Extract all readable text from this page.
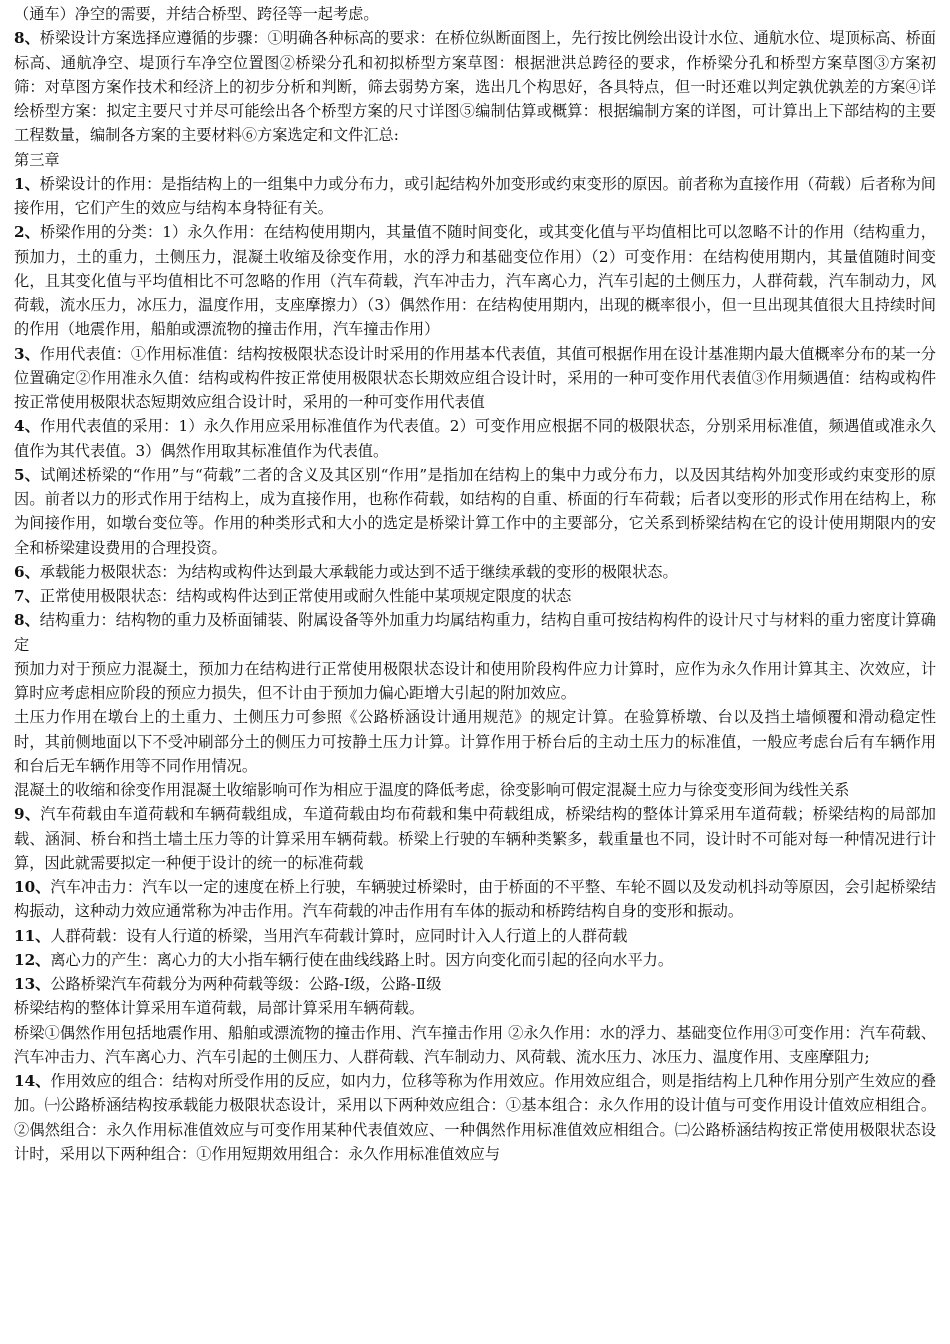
（通车）净空的需要，并结合桥型、跨径等一起考虑。

8、桥梁设计方案选择应遵循的步骤：①明确各种标高的要求：在桥位纵断面图上，先行按比例绘出设计水位、通航水位、堤顶标高、桥面标高、通航净空、堤顶行车净空位置图②桥梁分孔和初拟桥型方案草图：根据泄洪总跨径的要求，作桥梁分孔和桥型方案草图③方案初筛：对草图方案作技术和经济上的初步分析和判断，筛去弱势方案，选出几个构思好，各具特点，但一时还难以判定孰优孰差的方案④详绘桥型方案：拟定主要尺寸并尽可能绘出各个桥型方案的尺寸详图⑤编制估算或概算：根据编制方案的详图，可计算出上下部结构的主要工程数量，编制各方案的主要材料⑥方案选定和文件汇总:

第三章

1、桥梁设计的作用：是指结构上的一组集中力或分布力，或引起结构外加变形或约束变形的原因。前者称为直接作用（荷载）后者称为间接作用，它们产生的效应与结构本身特征有关。

2、桥梁作用的分类：1）永久作用：在结构使用期内，其量值不随时间变化，或其变化值与平均值相比可以忽略不计的作用（结构重力，预加力，土的重力，土侧压力，混凝土收缩及徐变作用，水的浮力和基础变位作用）（2）可变作用：在结构使用期内，其量值随时间变化，且其变化值与平均值相比不可忽略的作用（汽车荷载，汽车冲击力，汽车离心力，汽车引起的土侧压力，人群荷载，汽车制动力，风荷载，流水压力，冰压力，温度作用，支座摩擦力）（3）偶然作用：在结构使用期内，出现的概率很小，但一旦出现其值很大且持续时间的作用（地震作用，船舶或漂流物的撞击作用，汽车撞击作用）

3、作用代表值：①作用标准值：结构按极限状态设计时采用的作用基本代表值，其值可根据作用在设计基准期内最大值概率分布的某一分位置确定②作用准永久值：结构或构件按正常使用极限状态长期效应组合设计时，采用的一种可变作用代表值③作用频遇值：结构或构件按正常使用极限状态短期效应组合设计时，采用的一种可变作用代表值

4、作用代表值的采用：1）永久作用应采用标准值作为代表值。2）可变作用应根据不同的极限状态，分别采用标准值，频遇值或准永久值作为其代表值。3）偶然作用取其标准值作为代表值。

5、试阐述桥梁的“作用”与“荷载”二者的含义及其区别“作用”是指加在结构上的集中力或分布力，以及因其结构外加变形或约束变形的原因。前者以力的形式作用于结构上，成为直接作用，也称作荷载，如结构的自重、桥面的行车荷载；后者以变形的形式作用在结构上，称为间接作用，如墩台变位等。作用的种类形式和大小的选定是桥梁计算工作中的主要部分，它关系到桥梁结构在它的设计使用期限内的安全和桥梁建设费用的合理投资。

6、承载能力极限状态：为结构或构件达到最大承载能力或达到不适于继续承载的变形的极限状态。

7、正常使用极限状态：结构或构件达到正常使用或耐久性能中某项规定限度的状态

8、结构重力：结构物的重力及桥面铺装、附属设备等外加重力均属结构重力，结构自重可按结构构件的设计尺寸与材料的重力密度计算确定

预加力对于预应力混凝土，预加力在结构进行正常使用极限状态设计和使用阶段构件应力计算时，应作为永久作用计算其主、次效应，计算时应考虑相应阶段的预应力损失，但不计由于预加力偏心距增大引起的附加效应。

土压力作用在墩台上的土重力、土侧压力可参照《公路桥涵设计通用规范》的规定计算。在验算桥墩、台以及挡土墙倾覆和滑动稳定性时，其前侧地面以下不受冲刷部分土的侧压力可按静土压力计算。计算作用于桥台后的主动土压力的标准值，一般应考虑台后有车辆作用和台后无车辆作用等不同作用情况。

混凝土的收缩和徐变作用混凝土收缩影响可作为相应于温度的降低考虑，徐变影响可假定混凝土应力与徐变变形间为线性关系

9、汽车荷载由车道荷载和车辆荷载组成，车道荷载由均布荷载和集中荷载组成，桥梁结构的整体计算采用车道荷载；桥梁结构的局部加载、涵洞、桥台和挡土墙土压力等的计算采用车辆荷载。桥梁上行驶的车辆种类繁多，载重量也不同，设计时不可能对每一种情况进行计算，因此就需要拟定一种便于设计的统一的标准荷载

10、汽车冲击力：汽车以一定的速度在桥上行驶，车辆驶过桥梁时，由于桥面的不平整、车轮不圆以及发动机抖动等原因，会引起桥梁结构振动，这种动力效应通常称为冲击作用。汽车荷载的冲击作用有车体的振动和桥跨结构自身的变形和振动。

11、人群荷载：设有人行道的桥梁，当用汽车荷载计算时，应同时计入人行道上的人群荷载

12、离心力的产生：离心力的大小指车辆行使在曲线线路上时。因方向变化而引起的径向水平力。

13、公路桥梁汽车荷载分为两种荷载等级：公路-Ⅰ级，公路-Ⅱ级

桥梁结构的整体计算采用车道荷载，局部计算采用车辆荷载。

桥梁①偶然作用包括地震作用、船舶或漂流物的撞击作用、汽车撞击作用 ②永久作用：水的浮力、基础变位作用③可变作用：汽车荷载、汽车冲击力、汽车离心力、汽车引起的土侧压力、人群荷载、汽车制动力、风荷载、流水压力、冰压力、温度作用、支座摩阻力;

14、作用效应的组合：结构对所受作用的反应，如内力，位移等称为作用效应。作用效应组合，则是指结构上几种作用分别产生效应的叠加。㈠公路桥涵结构按承载能力极限状态设计，采用以下两种效应组合：①基本组合：永久作用的设计值与可变作用设计值效应相组合。②偶然组合：永久作用标准值效应与可变作用某种代表值效应、一种偶然作用标准值效应相组合。㈡公路桥涵结构按正常使用极限状态设计时，采用以下两种组合：①作用短期效用组合：永久作用标准值效应与
